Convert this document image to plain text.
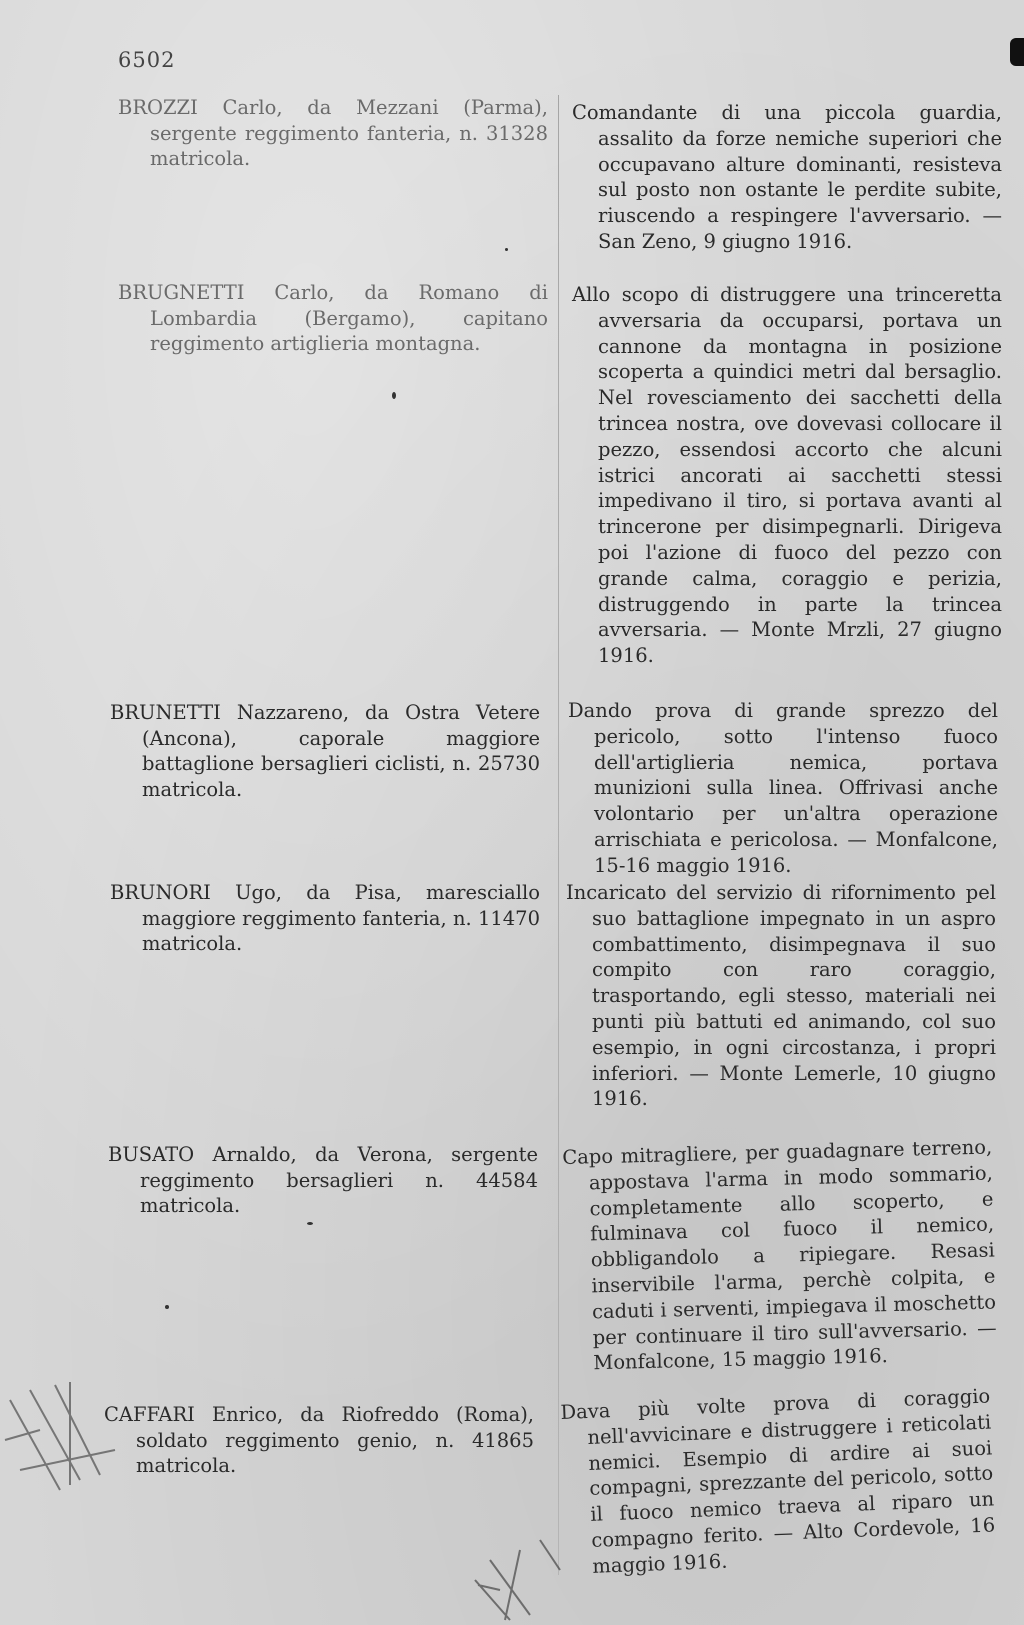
6502

BROZZI Carlo, da Mezzani (Parma), sergente reggimento fanteria, n. 31328 matricola.

BRUGNETTI Carlo, da Romano di Lombardia (Bergamo), capitano reggimento artiglieria montagna.

BRUNETTI Nazzareno, da Ostra Vetere (Ancona), caporale maggiore battaglione bersaglieri ciclisti, n. 25730 matricola.

BRUNORI Ugo, da Pisa, maresciallo maggiore reggimento fanteria, n. 11470 matricola.

BUSATO Arnaldo, da Verona, sergente reggimento bersaglieri n. 44584 matricola.

CAFFARI Enrico, da Riofreddo (Roma), soldato reggimento genio, n. 41865 matricola.

Comandante di una piccola guardia, assalito da forze nemiche superiori che occupavano alture dominanti, resisteva sul posto non ostante le perdite subite, riuscendo a respingere l'avversario. — San Zeno, 9 giugno 1916.

Allo scopo di distruggere una trinceretta avversaria da occuparsi, portava un cannone da montagna in posizione scoperta a quindici metri dal bersaglio. Nel rovesciamento dei sacchetti della trincea nostra, ove dovevasi collocare il pezzo, essendosi accorto che alcuni istrici ancorati ai sacchetti stessi impedivano il tiro, si portava avanti al trincerone per disimpegnarli. Dirigeva poi l'azione di fuoco del pezzo con grande calma, coraggio e perizia, distruggendo in parte la trincea avversaria. — Monte Mrzli, 27 giugno 1916.

Dando prova di grande sprezzo del pericolo, sotto l'intenso fuoco dell'artiglieria nemica, portava munizioni sulla linea. Offrivasi anche volontario per un'altra operazione arrischiata e pericolosa. — Monfalcone, 15-16 maggio 1916.

Incaricato del servizio di rifornimento pel suo battaglione impegnato in un aspro combattimento, disimpegnava il suo compito con raro coraggio, trasportando, egli stesso, materiali nei punti più battuti ed animando, col suo esempio, in ogni circostanza, i propri inferiori. — Monte Lemerle, 10 giugno 1916.

Capo mitragliere, per guadagnare terreno, appostava l'arma in modo sommario, completamente allo scoperto, e fulminava col fuoco il nemico, obbligandolo a ripiegare. Resasi inservibile l'arma, perchè colpita, e caduti i serventi, impiegava il moschetto per continuare il tiro sull'avversario. — Monfalcone, 15 maggio 1916.

Dava più volte prova di coraggio nell'avvicinare e distruggere i reticolati nemici. Esempio di ardire ai suoi compagni, sprezzante del pericolo, sotto il fuoco nemico traeva al riparo un compagno ferito. — Alto Cordevole, 16 maggio 1916.
